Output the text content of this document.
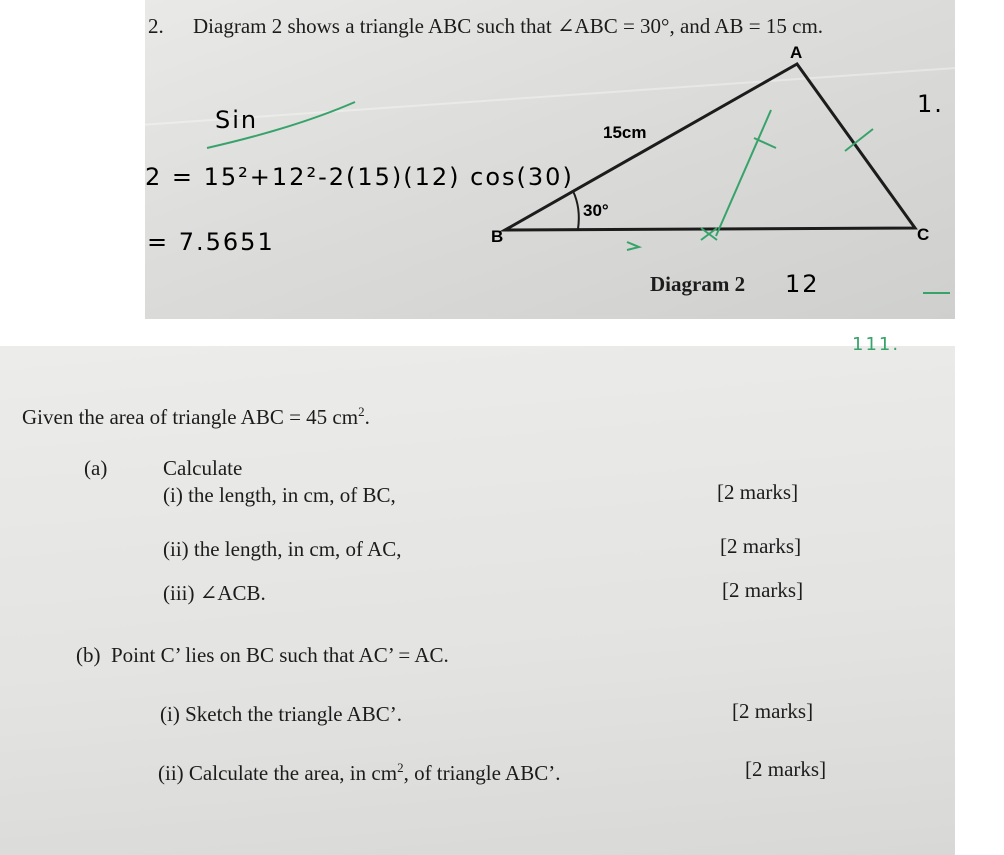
2. Diagram 2 shows a triangle ABC such that ∠ABC = 30°, and AB = 15 cm.
A
B	C
15cm
30°
Diagram 2
Sin
2 = 15²+12²-2(15)(12) cos(30)
= 7.5651
12
1.
111.
Given the area of triangle ABC = 45 $cm^2$.
(a)	Calculate
(i) the length, in cm, of BC,	[2 marks]
(ii) the length, in cm, of AC,	[2 marks]
(iii) ∠ACB.	[2 marks]
(b)  Point C’ lies on BC such that AC’ = AC.
(i) Sketch the triangle ABC’.	[2 marks]
(ii) Calculate the area, in $cm^2$, of triangle ABC’.	[2 marks]
